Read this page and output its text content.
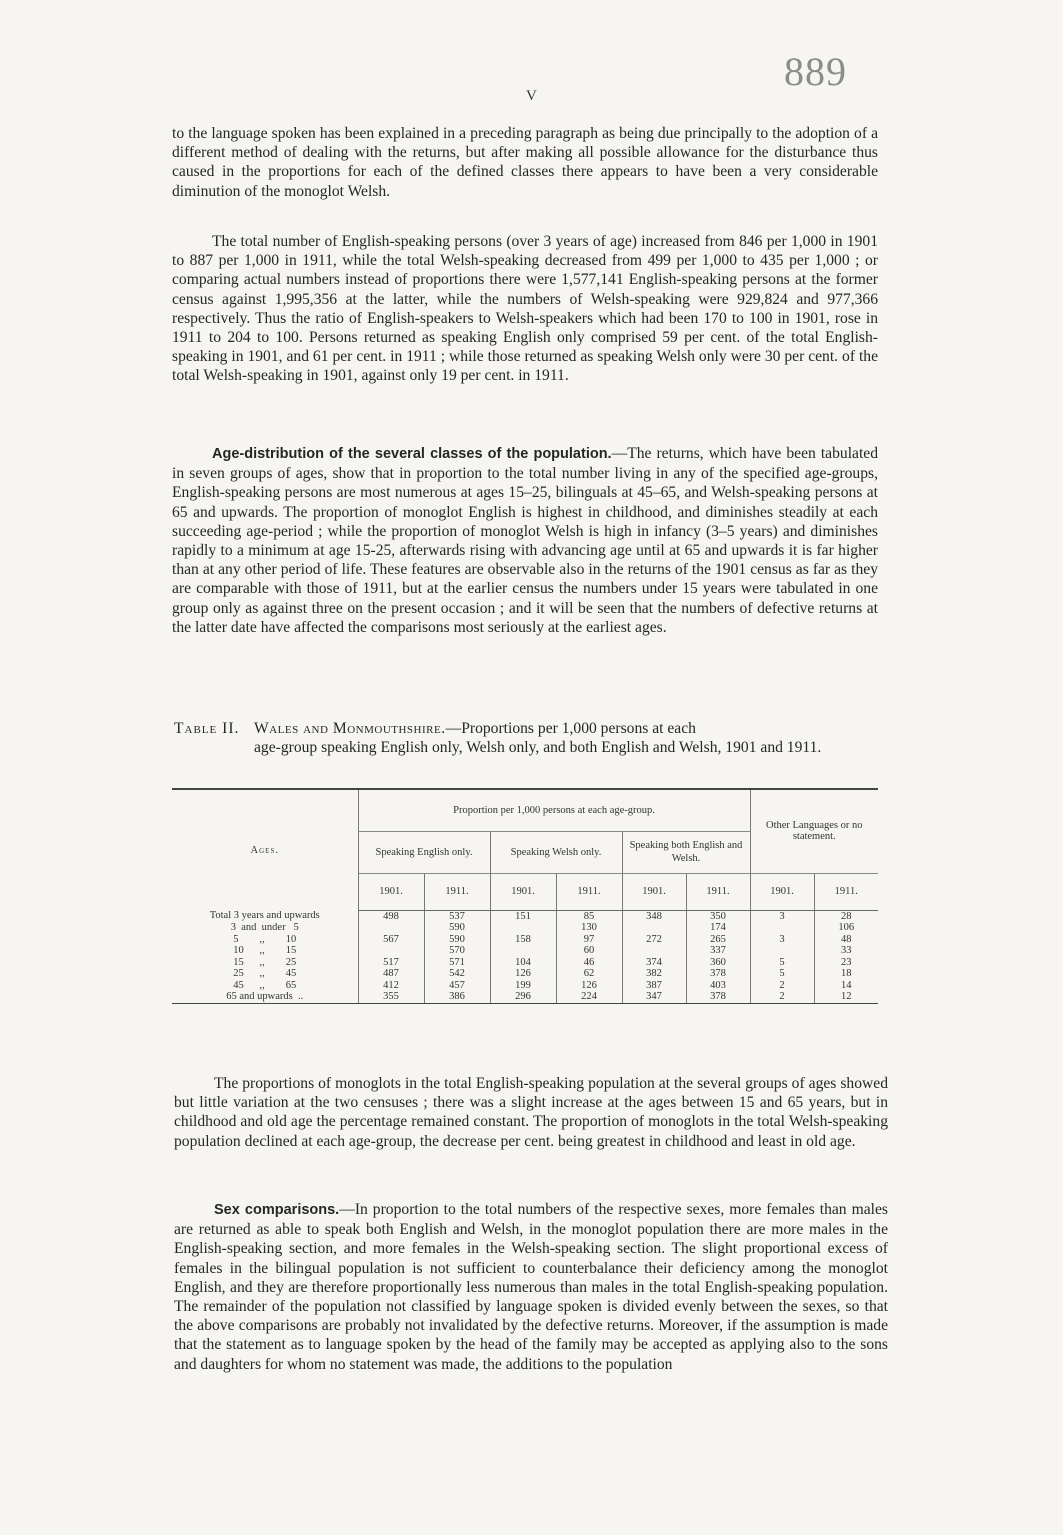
889
V
to the language spoken has been explained in a preceding paragraph as being due principally to the adoption of a different method of dealing with the returns, but after making all possible allowance for the disturbance thus caused in the proportions for each of the defined classes there appears to have been a very considerable diminution of the monoglot Welsh.
The total number of English-speaking persons (over 3 years of age) increased from 846 per 1,000 in 1901 to 887 per 1,000 in 1911, while the total Welsh-speaking decreased from 499 per 1,000 to 435 per 1,000 ; or comparing actual numbers instead of proportions there were 1,577,141 English-speaking persons at the former census against 1,995,356 at the latter, while the numbers of Welsh-speaking were 929,824 and 977,366 respectively. Thus the ratio of English-speakers to Welsh-speakers which had been 170 to 100 in 1901, rose in 1911 to 204 to 100. Persons returned as speaking English only comprised 59 per cent. of the total English-speaking in 1901, and 61 per cent. in 1911 ; while those returned as speaking Welsh only were 30 per cent. of the total Welsh-speaking in 1901, against only 19 per cent. in 1911.
Age-distribution of the several classes of the population.—The returns, which have been tabulated in seven groups of ages, show that in proportion to the total number living in any of the specified age-groups, English-speaking persons are most numerous at ages 15–25, bilinguals at 45–65, and Welsh-speaking persons at 65 and upwards. The proportion of monoglot English is highest in childhood, and diminishes steadily at each succeeding age-period ; while the proportion of monoglot Welsh is high in infancy (3–5 years) and diminishes rapidly to a minimum at age 15-25, afterwards rising with advancing age until at 65 and upwards it is far higher than at any other period of life. These features are observable also in the returns of the 1901 census as far as they are comparable with those of 1911, but at the earlier census the numbers under 15 years were tabulated in one group only as against three on the present occasion ; and it will be seen that the numbers of defective returns at the latter date have affected the comparisons most seriously at the earliest ages.
Table II. Wales and Monmouthshire.—Proportions per 1,000 persons at each
age-group speaking English only, Welsh only, and both English and Welsh, 1901 and 1911.
Ages.	Proportion per 1,000 persons at each age-group.						Other Languages or no statement.	
	Speaking English only.		Speaking Welsh only.		Speaking both English and Welsh.			
	1901.	1911.	1901.	1911.	1901.	1911.	1901.	1911.
Total 3 years and upwards	498	537	151	85	348	350	3	28
3  and  under   5		590		130		174		106
5        ,,        10	567	590	158	97	272	265	3	48
10      ,,        15		570		60		337		33
15      ,,        25	517	571	104	46	374	360	5	23
25      ,,        45	487	542	126	62	382	378	5	18
45      ,,        65	412	457	199	126	387	403	2	14
65 and upwards  ..	355	386	296	224	347	378	2	12
The proportions of monoglots in the total English-speaking population at the several groups of ages showed but little variation at the two censuses ; there was a slight increase at the ages between 15 and 65 years, but in childhood and old age the percentage remained constant. The proportion of monoglots in the total Welsh-speaking population declined at each age-group, the decrease per cent. being greatest in childhood and least in old age.
Sex comparisons.—In proportion to the total numbers of the respective sexes, more females than males are returned as able to speak both English and Welsh, in the monoglot population there are more males in the English-speaking section, and more females in the Welsh-speaking section. The slight proportional excess of females in the bilingual population is not sufficient to counterbalance their deficiency among the monoglot English, and they are therefore proportionally less numerous than males in the total English-speaking population. The remainder of the population not classified by language spoken is divided evenly between the sexes, so that the above comparisons are probably not invalidated by the defective returns. Moreover, if the assumption is made that the statement as to language spoken by the head of the family may be accepted as applying also to the sons and daughters for whom no statement was made, the additions to the population
